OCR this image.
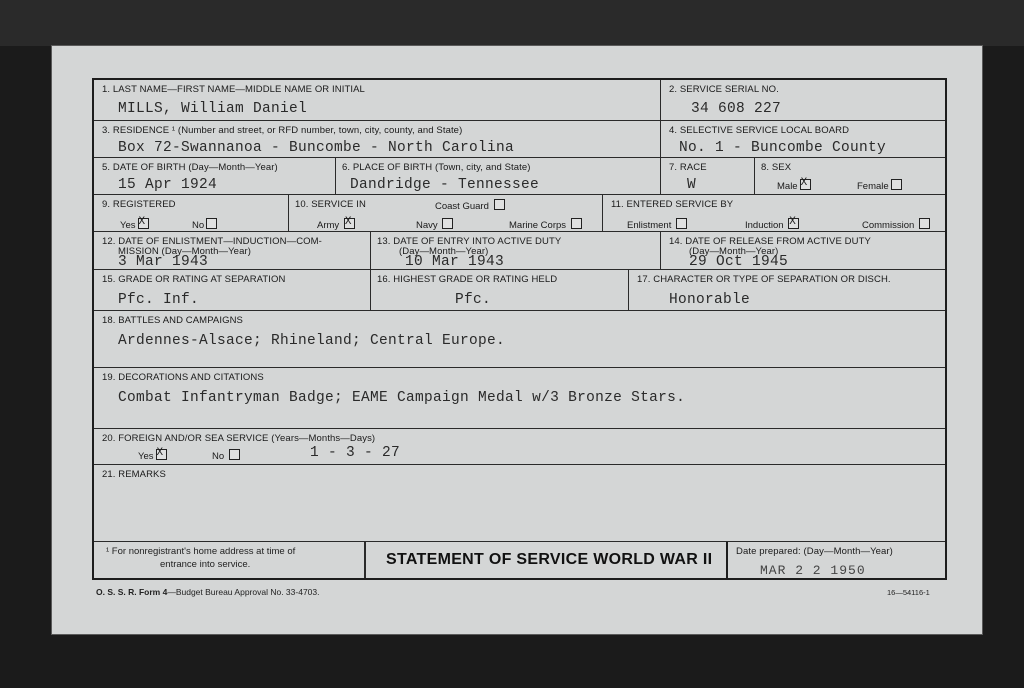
1. LAST NAME—FIRST NAME—MIDDLE NAME OR INITIAL
MILLS, William Daniel
2. SERVICE SERIAL NO.
34 608 227
3. RESIDENCE ¹ (Number and street, or RFD number, town, city, county, and State)
Box 72-Swannanoa - Buncombe - North Carolina
4. SELECTIVE SERVICE LOCAL BOARD
No. 1 - Buncombe County
5. DATE OF BIRTH (Day—Month—Year)
15 Apr 1924
6. PLACE OF BIRTH (Town, city, and State)
Dandridge - Tennessee
7. RACE
W
8. SEX
Male X	Female
9. REGISTERED
Yes X	No
10. SERVICE IN	Coast Guard
Army X	Navy	Marine Corps
11. ENTERED SERVICE BY
Enlistment	Induction X	Commission
12. DATE OF ENLISTMENT—INDUCTION—COM-
MISSION (Day—Month—Year)
3 Mar 1943
13. DATE OF ENTRY INTO ACTIVE DUTY
(Day—Month—Year)
10 Mar 1943
14. DATE OF RELEASE FROM ACTIVE DUTY
(Day—Month—Year)
29 Oct 1945
15. GRADE OR RATING AT SEPARATION
Pfc. Inf.
16. HIGHEST GRADE OR RATING HELD
Pfc.
17. CHARACTER OR TYPE OF SEPARATION OR DISCH.
Honorable
18. BATTLES AND CAMPAIGNS
Ardennes-Alsace; Rhineland; Central Europe.
19. DECORATIONS AND CITATIONS
Combat Infantryman Badge; EAME Campaign Medal w/3 Bronze Stars.
20. FOREIGN AND/OR SEA SERVICE (Years—Months—Days)
Yes X	No	1 - 3 - 27
21. REMARKS
¹ For nonregistrant's home address at time of
entrance into service.	STATEMENT OF SERVICE WORLD WAR II Date prepared: (Day—Month—Year)
MAR 2 2 1950
O. S. S. R. Form 4—Budget Bureau Approval No. 33-4703.	16—54116-1
